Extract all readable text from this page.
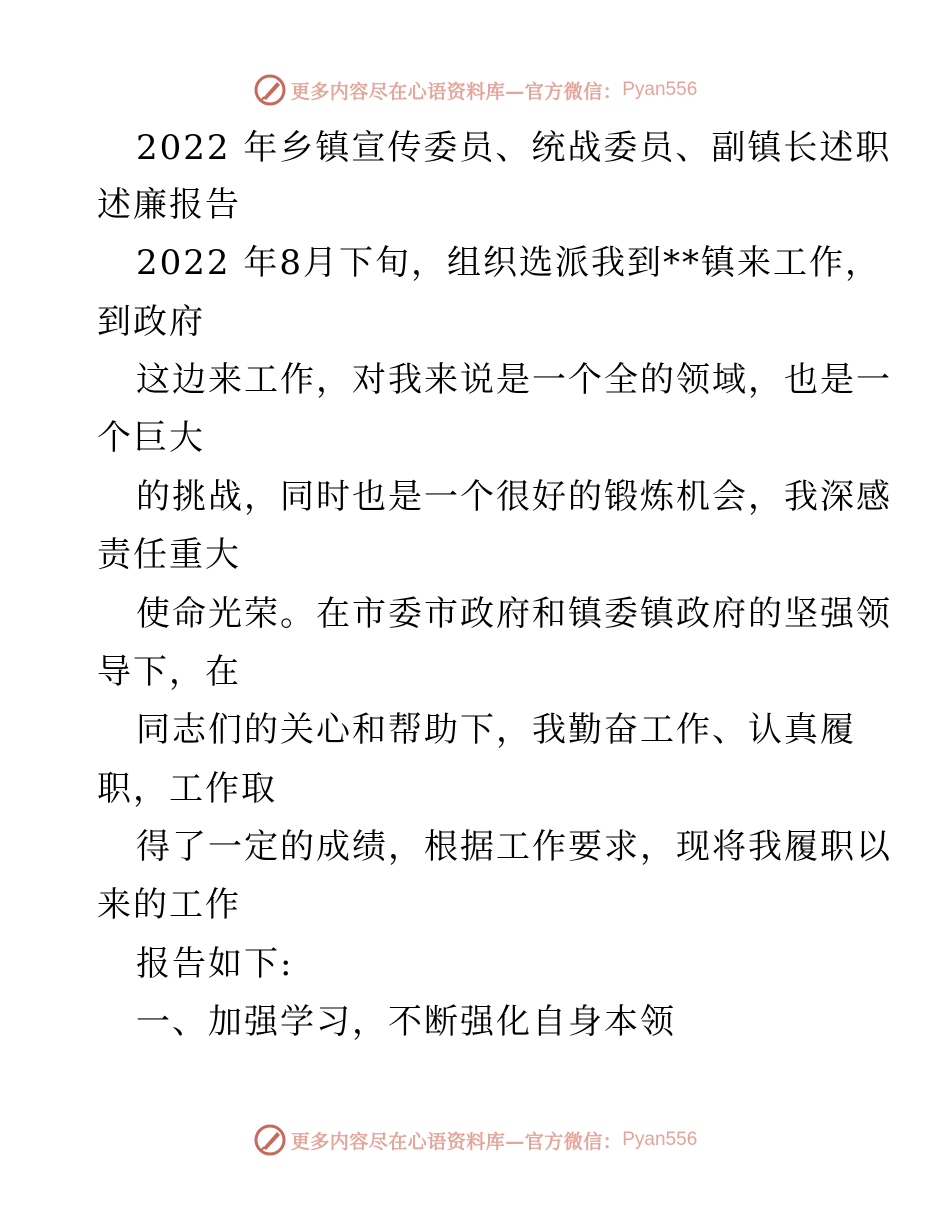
更多内容尽在心语资料库—官方微信： Pyan556
2022 年乡镇宣传委员、统战委员、副镇长述职
述廉报告
2022 年8月下旬，组织选派我到**镇来工作，
到政府
这边来工作，对我来说是一个全的领域，也是一
个巨大
的挑战，同时也是一个很好的锻炼机会，我深感
责任重大
使命光荣。在市委市政府和镇委镇政府的坚强领
导下，在
同志们的关心和帮助下，我勤奋工作、认真履
职，工作取
得了一定的成绩，根据工作要求，现将我履职以
来的工作
报告如下:
一、加强学习，不断强化自身本领
更多内容尽在心语资料库—官方微信： Pyan556
